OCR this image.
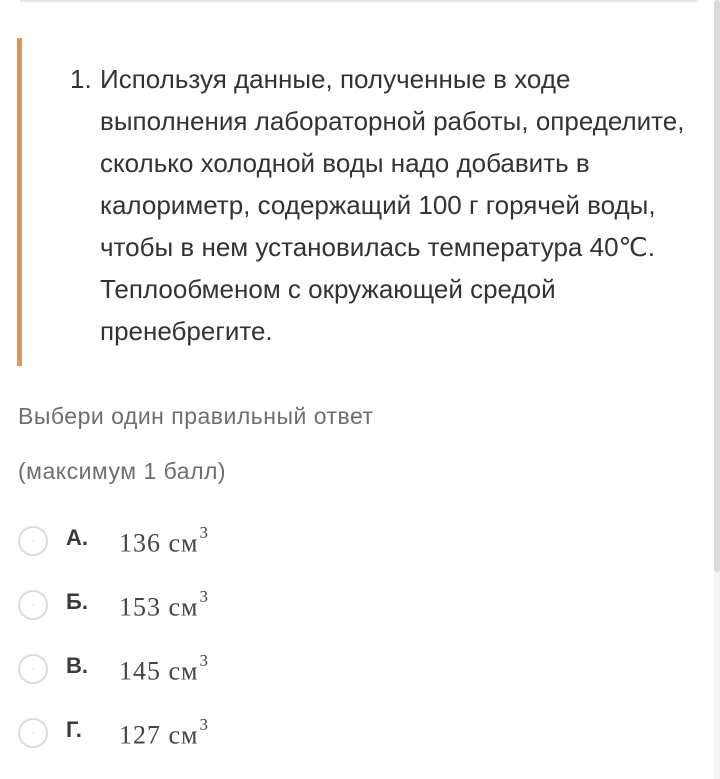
1. Используя данные, полученные в ходе выполнения лабораторной работы, определите, сколько холодной воды надо добавить в калориметр, содержащий 100 г горячей воды, чтобы в нем установилась температура 40℃. Теплообменом с окружающей средой пренебрегите.

Выбери один правильный ответ
(максимум 1 балл)
А. 136 $см^3$
Б. 153 $см^3$
В. 145 $см^3$
Г. 127 $см^3$
